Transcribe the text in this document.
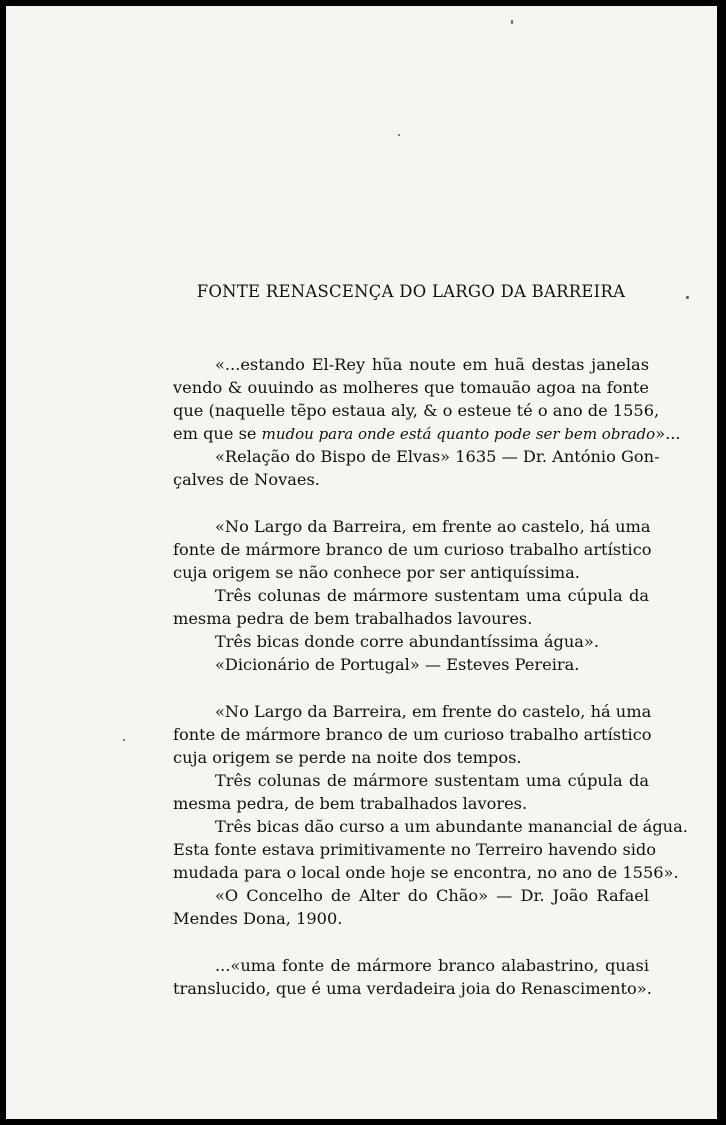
FONTE RENASCENÇA DO LARGO DA BARREIRA
«...estando El-Rey hũa noute em huã destas janelas
vendo & ouuindo as molheres que tomauão agoa na fonte
que (naquelle tẽpo estaua aly, & o esteue té o ano de 1556,
em que se mudou para onde está quanto pode ser bem obrado»...
«Relação do Bispo de Elvas» 1635 — Dr. António Gon-
çalves de Novaes.
«No Largo da Barreira, em frente ao castelo, há uma
fonte de mármore branco de um curioso trabalho artístico
cuja origem se não conhece por ser antiquíssima.
Três colunas de mármore sustentam uma cúpula da
mesma pedra de bem trabalhados lavoures.
Três bicas donde corre abundantíssima água».
«Dicionário de Portugal» — Esteves Pereira.
«No Largo da Barreira, em frente do castelo, há uma
fonte de mármore branco de um curioso trabalho artístico
cuja origem se perde na noite dos tempos.
Três colunas de mármore sustentam uma cúpula da
mesma pedra, de bem trabalhados lavores.
Três bicas dão curso a um abundante manancial de água.
Esta fonte estava primitivamente no Terreiro havendo sido
mudada para o local onde hoje se encontra, no ano de 1556».
«O Concelho de Alter do Chão» — Dr. João Rafael
Mendes Dona, 1900.
...«uma fonte de mármore branco alabastrino, quasi
translucido, que é uma verdadeira joia do Renascimento».
